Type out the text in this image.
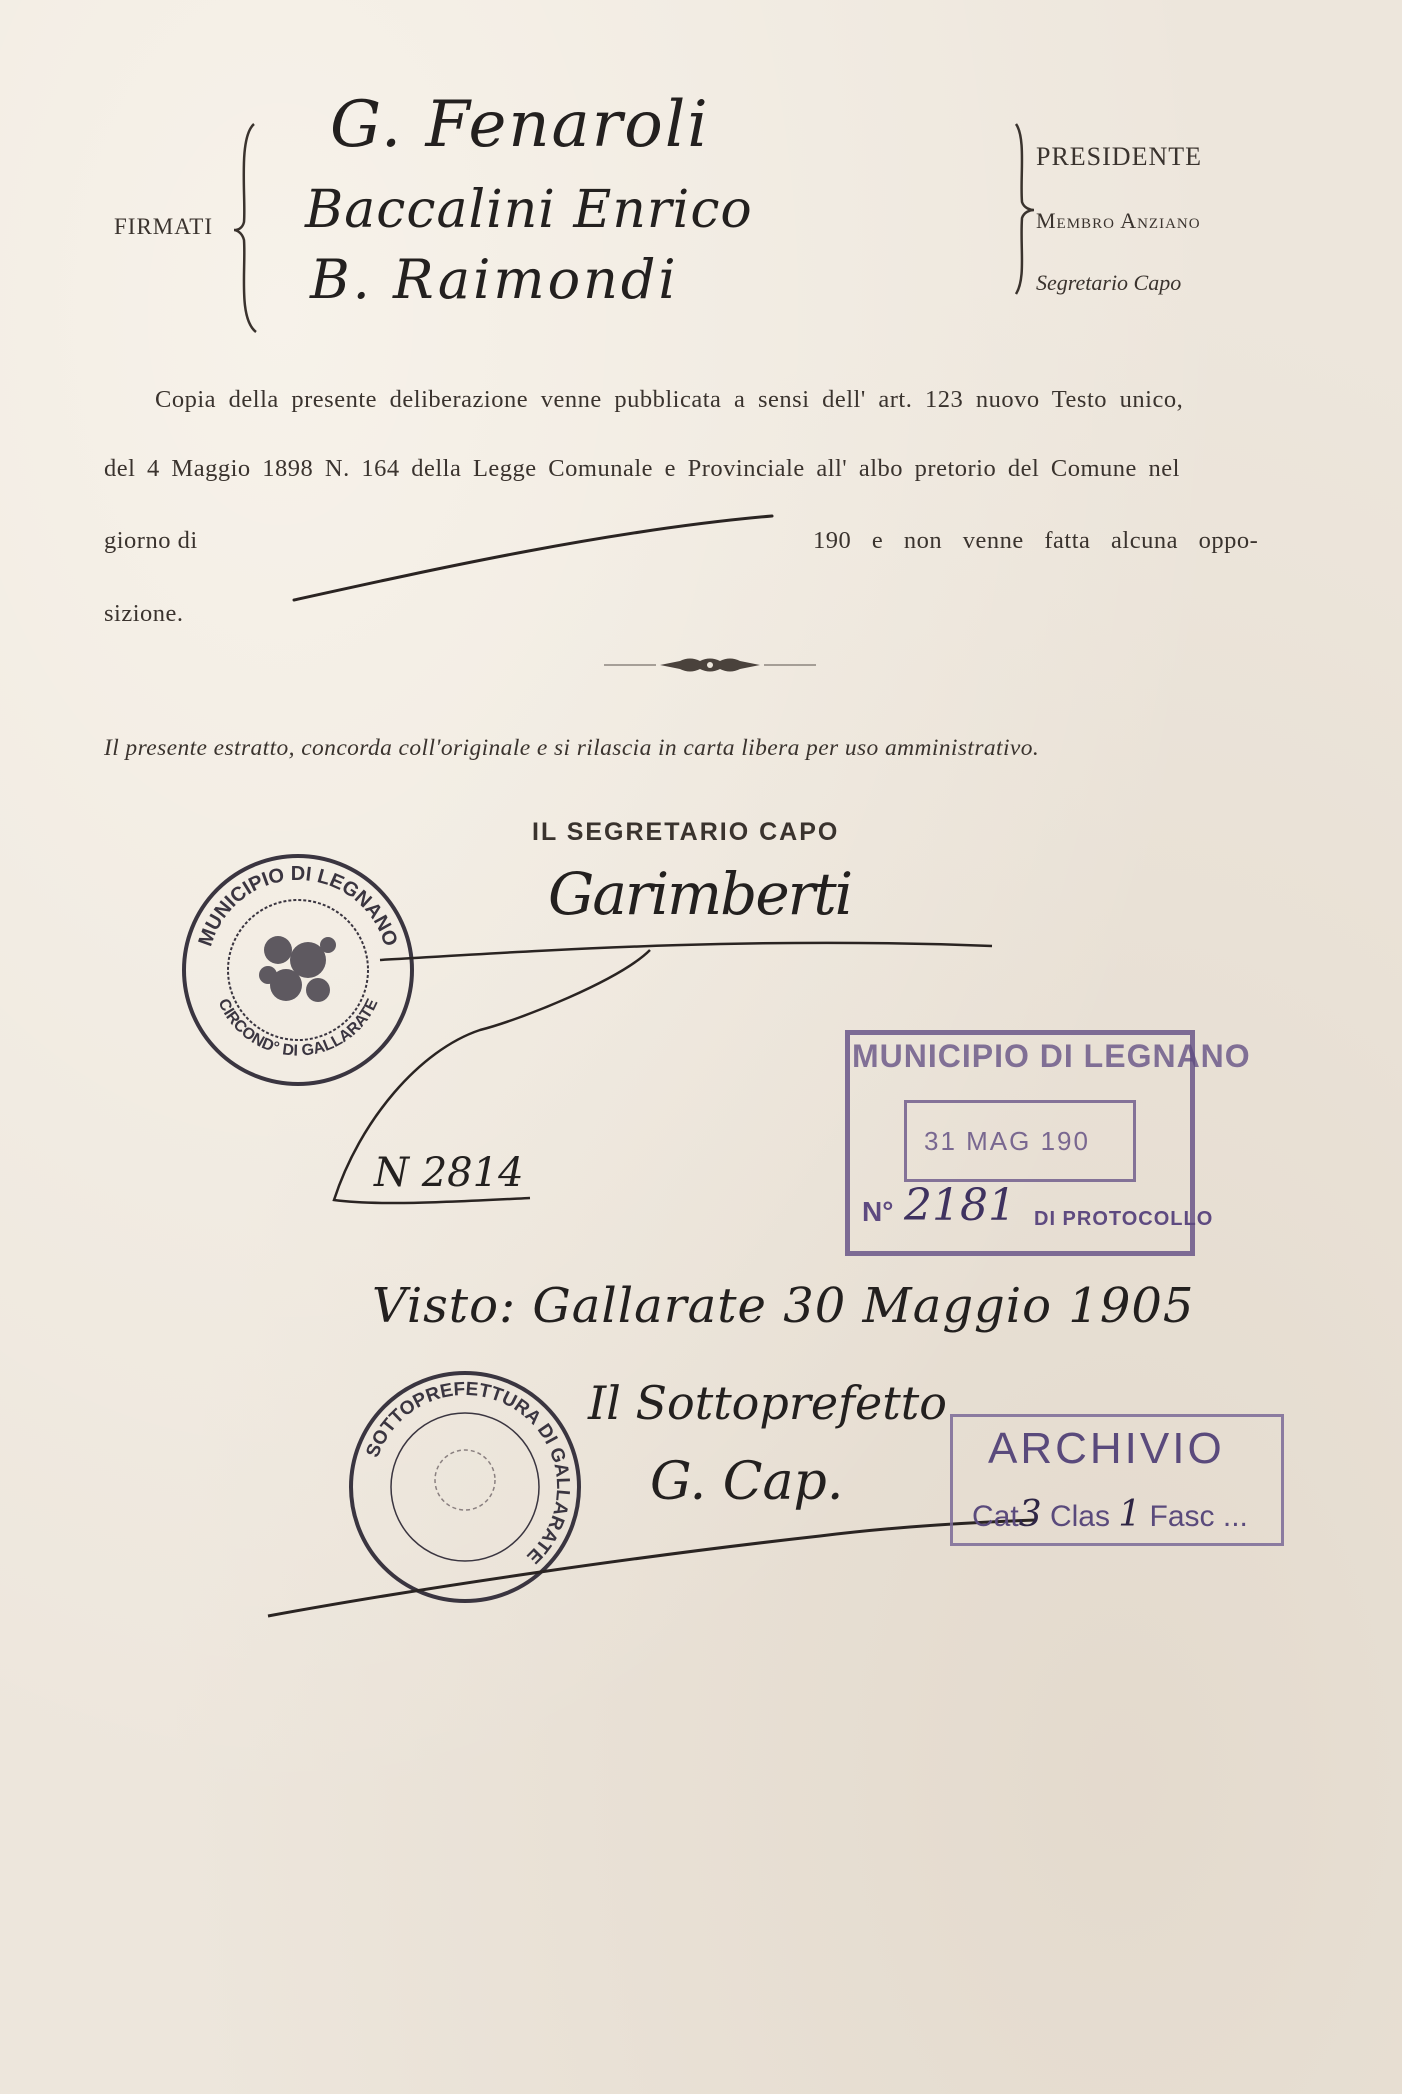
FIRMATI
G. Fenaroli
Baccalini Enrico
B. Raimondi
PRESIDENTE
Membro Anziano
Segretario Capo
Copia della presente deliberazione venne pubblicata a sensi dell' art. 123 nuovo Testo unico,
del 4 Maggio 1898 N. 164 della Legge Comunale e Provinciale all' albo pretorio del Comune nel
giorno di	190 e non venne fatta alcuna oppo-
sizione.
Il presente estratto, concorda coll'originale e si rilascia in carta libera per uso amministrativo.
IL SEGRETARIO CAPO
MUNICIPIO DI LEGNANO
CIRCOND° DI GALLARATE
Garimberti
N 2814
MUNICIPIO DI LEGNANO
31 MAG 190
N° 2181 DI PROTOCOLLO
Visto: Gallarate 30 Maggio 1905
Il Sottoprefetto
G. Cap.
SOTTOPREFETTURA DI GALLARATE
ARCHIVIO
Cat3 Clas 1 Fasc ...
